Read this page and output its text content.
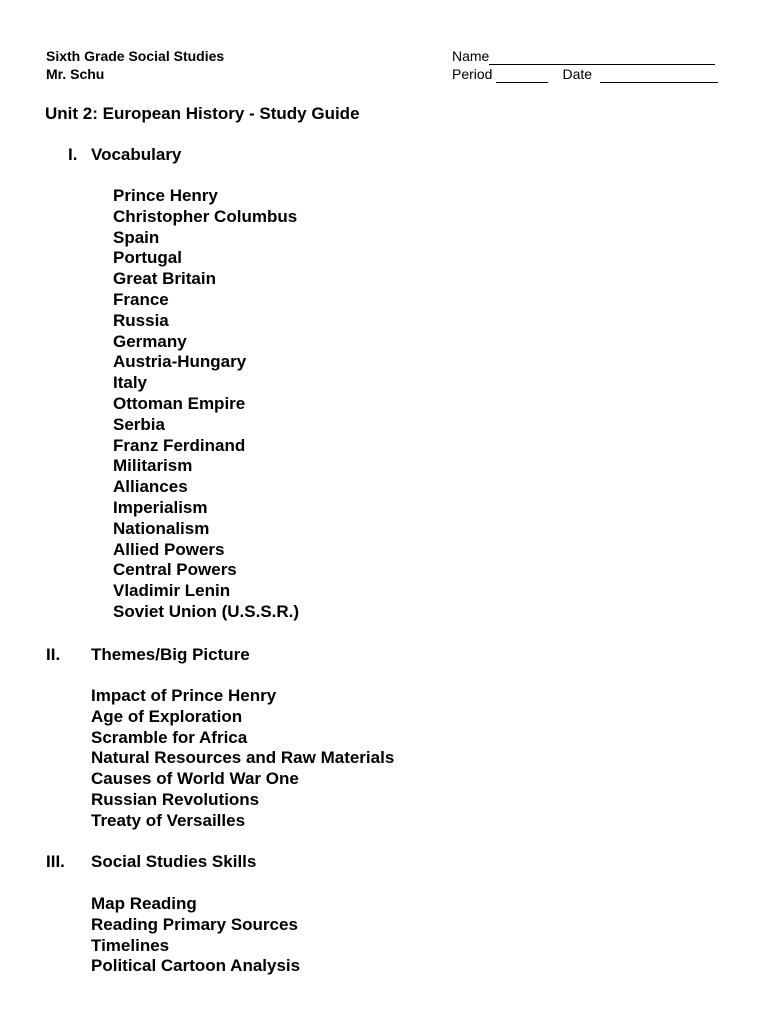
Sixth Grade Social Studies
Mr. Schu
Name
Period	Date
Unit 2: European History - Study Guide
I. Vocabulary
Prince Henry
Christopher Columbus
Spain
Portugal
Great Britain
France
Russia
Germany
Austria-Hungary
Italy
Ottoman Empire
Serbia
Franz Ferdinand
Militarism
Alliances
Imperialism
Nationalism
Allied Powers
Central Powers
Vladimir Lenin
Soviet Union (U.S.S.R.)
II. Themes/Big Picture
Impact of Prince Henry
Age of Exploration
Scramble for Africa
Natural Resources and Raw Materials
Causes of World War One
Russian Revolutions
Treaty of Versailles
III. Social Studies Skills
Map Reading
Reading Primary Sources
Timelines
Political Cartoon Analysis
